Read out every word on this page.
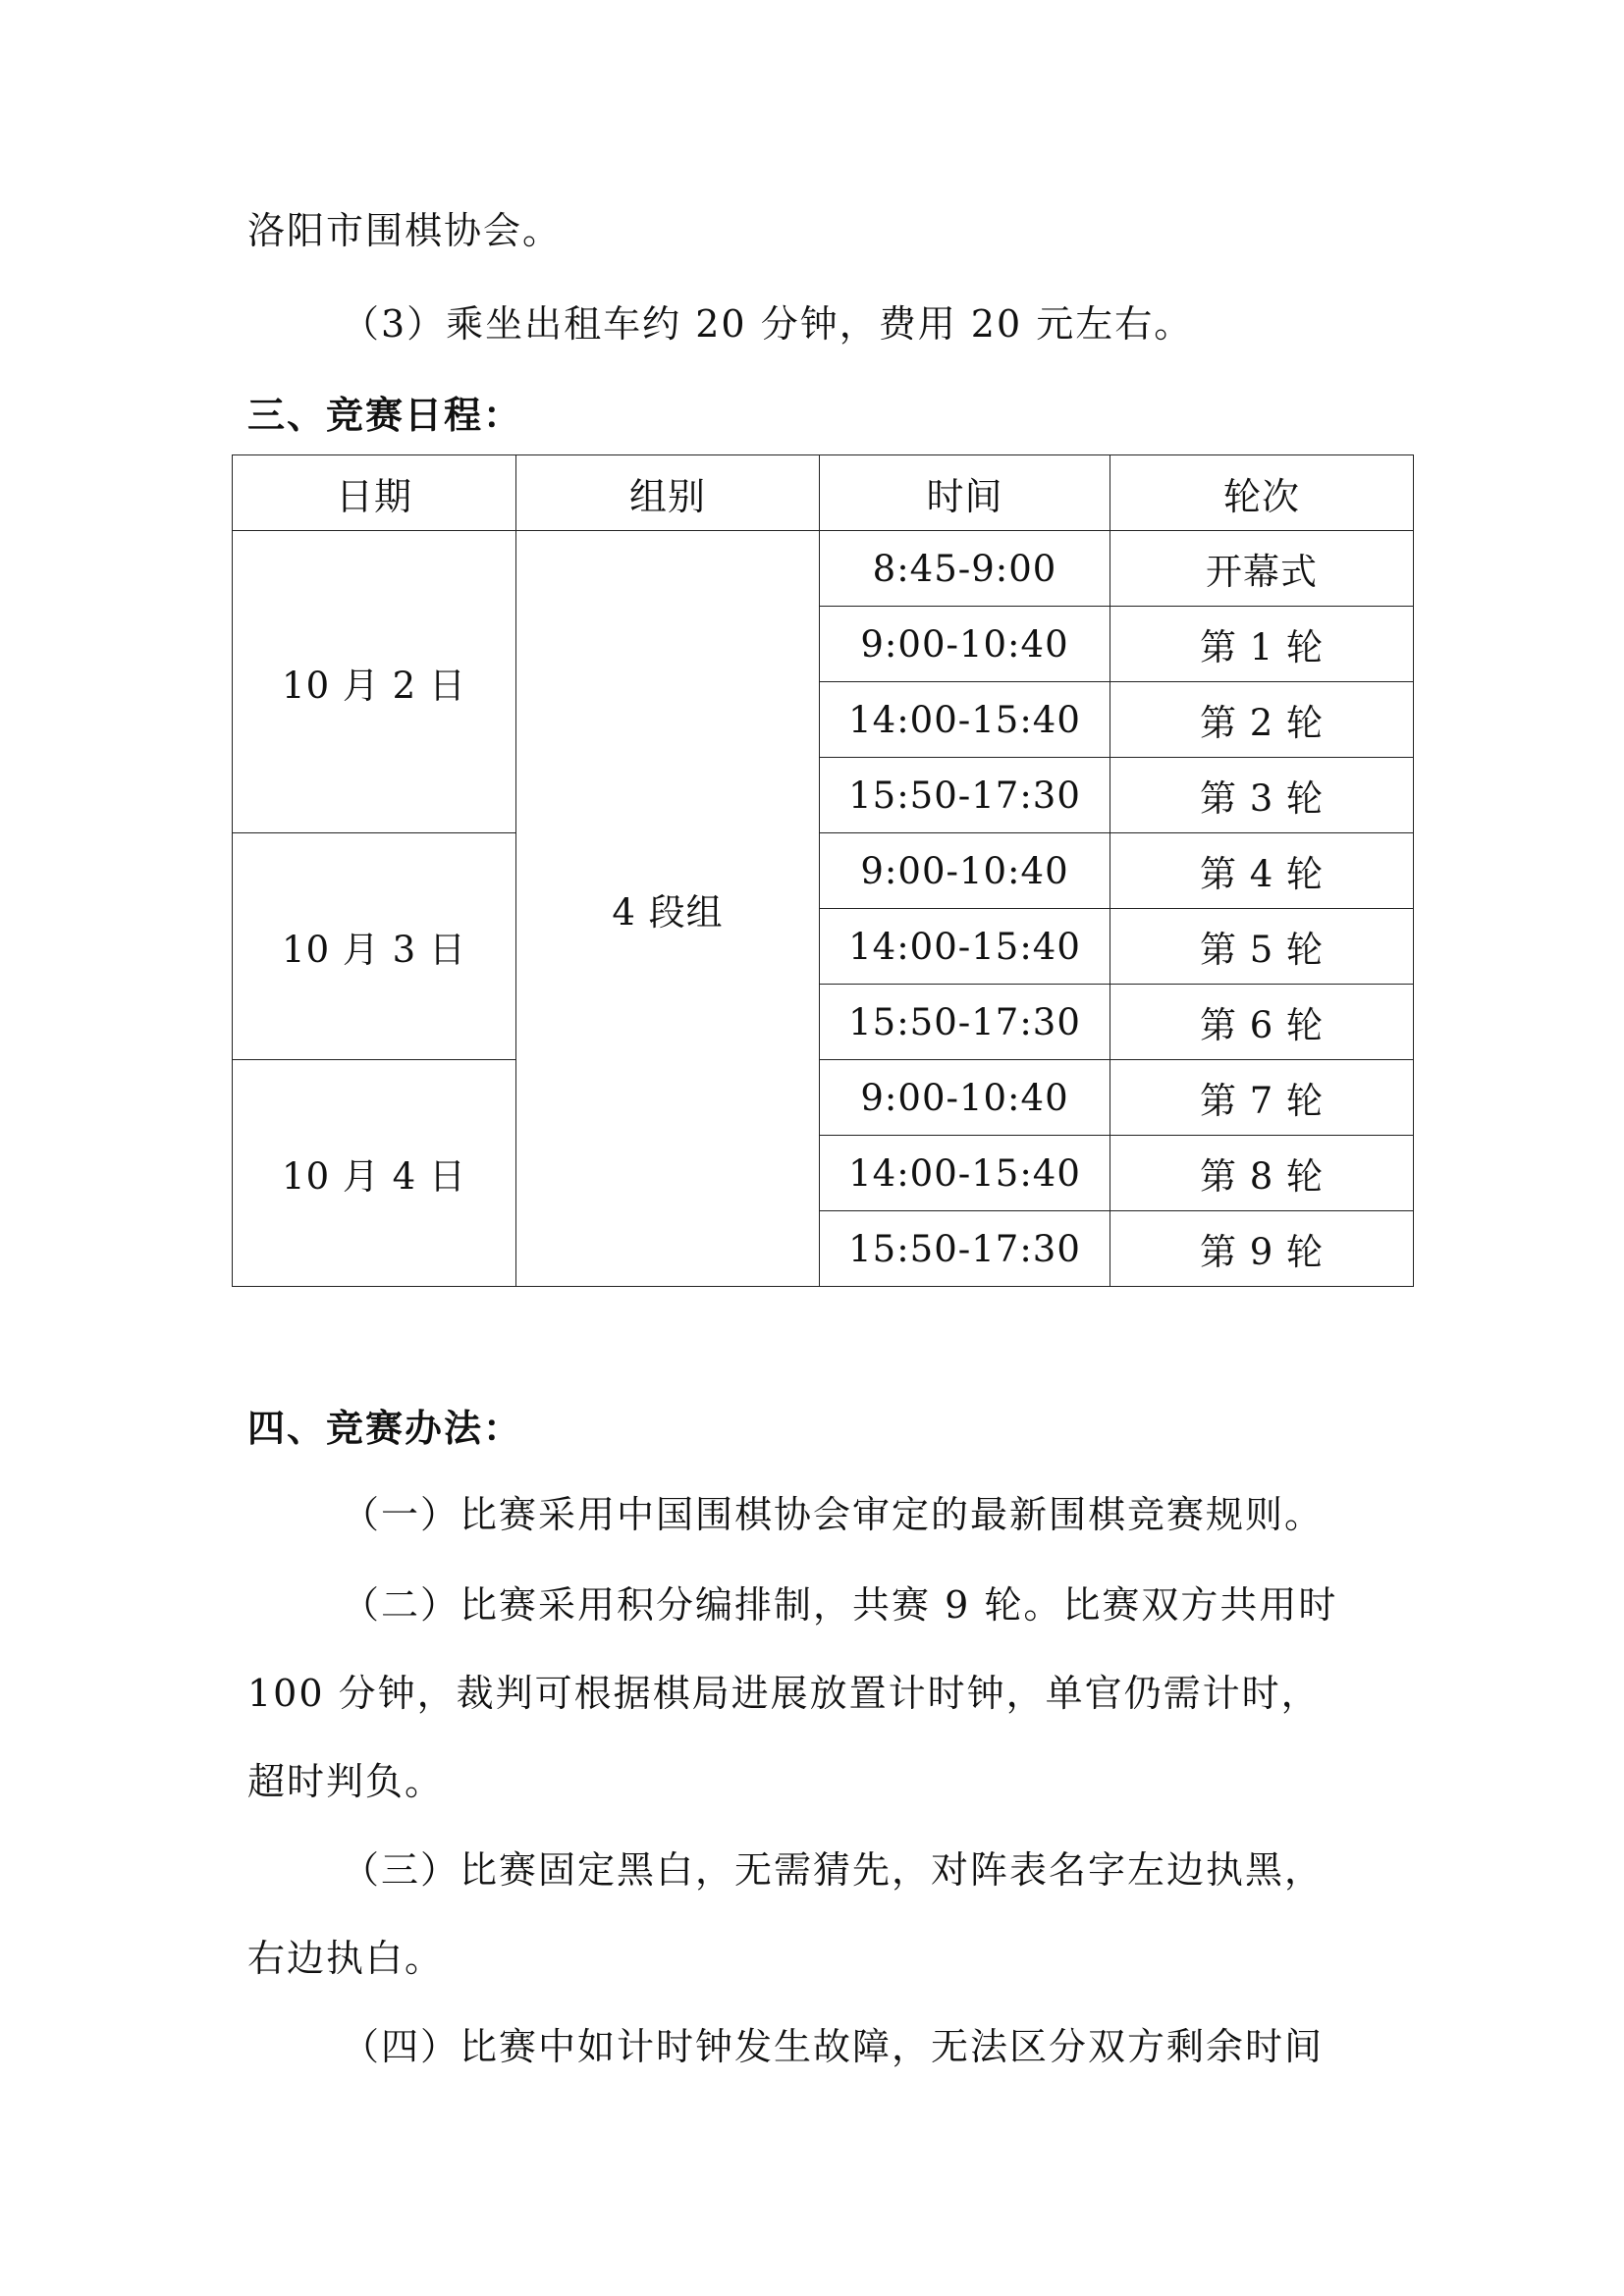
洛阳市围棋协会。
（3）乘坐出租车约 20 分钟，费用 20 元左右。
三、竞赛日程：
日期	组别	时间	轮次
10 月 2 日	4 段组	8:45-9:00	开幕式
		9:00-10:40	第 1 轮
		14:00-15:40	第 2 轮
		15:50-17:30	第 3 轮
10 月 3 日		9:00-10:40	第 4 轮
		14:00-15:40	第 5 轮
		15:50-17:30	第 6 轮
10 月 4 日		9:00-10:40	第 7 轮
		14:00-15:40	第 8 轮
		15:50-17:30	第 9 轮
四、竞赛办法：
（一）比赛采用中国围棋协会审定的最新围棋竞赛规则。
（二）比赛采用积分编排制，共赛 9 轮。比赛双方共用时
100 分钟，裁判可根据棋局进展放置计时钟，单官仍需计时，
超时判负。
（三）比赛固定黑白，无需猜先，对阵表名字左边执黑，
右边执白。
（四）比赛中如计时钟发生故障，无法区分双方剩余时间
